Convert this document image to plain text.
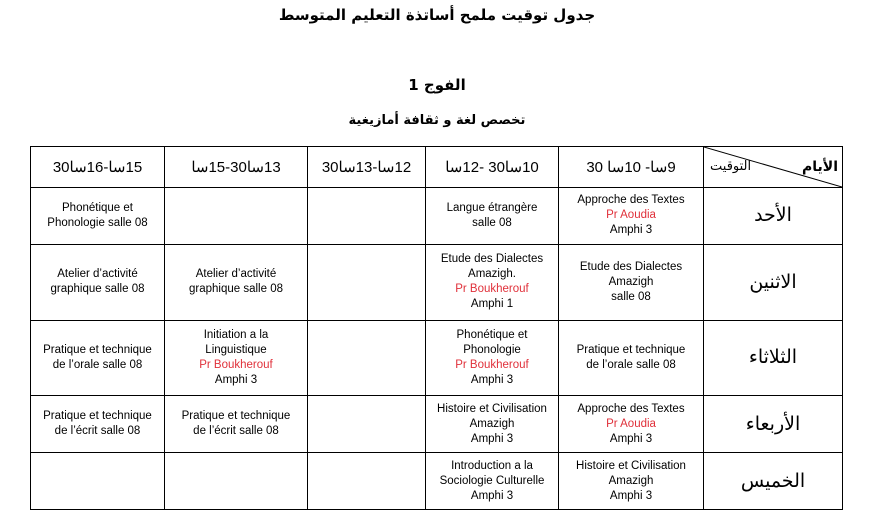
جدول توقيت ملمح أساتذة التعليم المتوسط
الفوج 1
تخصص لغة و ثقافة أمازيغية
15سا-16سا30	13سا30-15سا	12سا-13سا30	10سا30 -12سا	9سا- 10سا 30	التوقيت الأيام

Phonétique et
Phonologie salle 08			Langue étrangère
salle 08	Approche des Textes
Pr Aoudia
Amphi 3	الأحد

Atelier d’activité
graphique salle 08	Atelier d’activité
graphique salle 08		Etude des Dialectes
Amazigh.
Pr Boukherouf
Amphi 1	Etude des Dialectes
Amazigh
salle 08	الاثنين

Pratique et technique
de l’orale salle 08	Initiation a la
Linguistique
Pr Boukherouf
Amphi 3		Phonétique et
Phonologie
Pr Boukherouf
Amphi 3	Pratique et technique
de l’orale salle 08	الثلاثاء

Pratique et technique
de l’écrit salle 08	Pratique et technique
de l’écrit salle 08		Histoire et Civilisation
Amazigh
Amphi 3	Approche des Textes
Pr Aoudia
Amphi 3	الأربعاء

			Introduction a la
Sociologie Culturelle
Amphi 3	Histoire et Civilisation
Amazigh
Amphi 3	الخميس
